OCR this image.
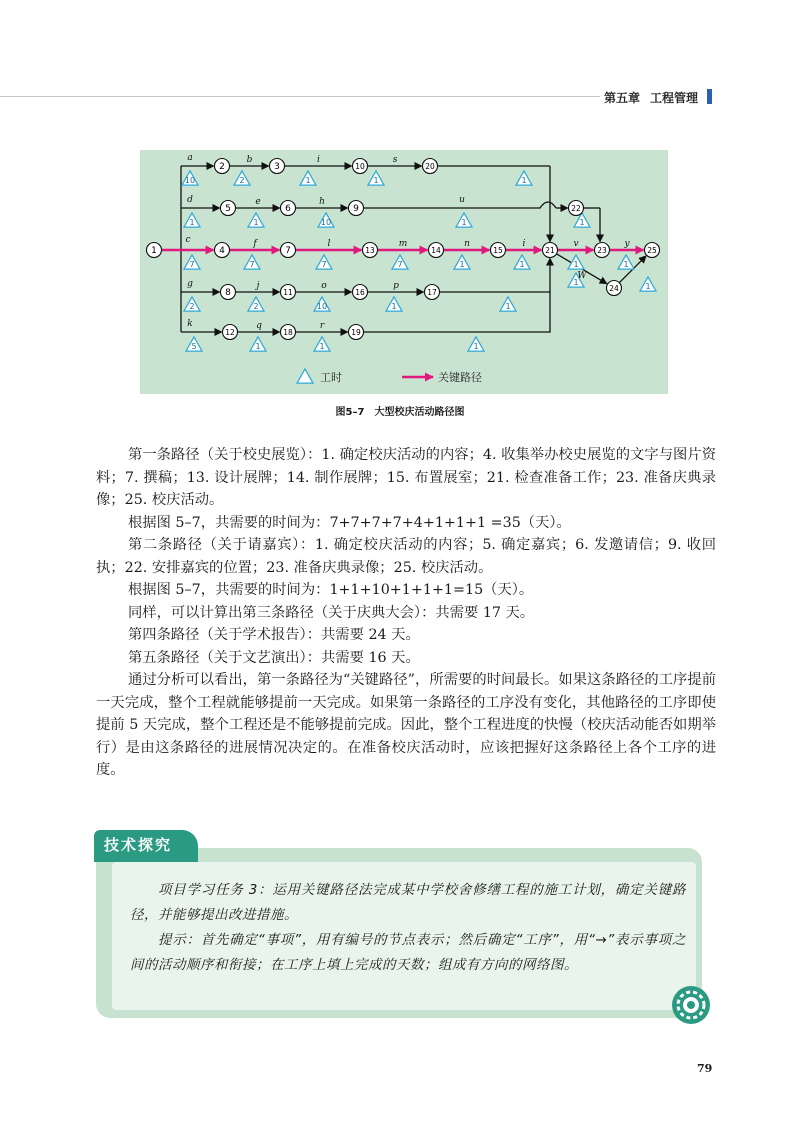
第五章 工程管理
10	2	1	1	1
1	1	10	1	1
7	7	7	7	1	1	1	1
2	2	10	1	1
5	1	1	1
1	1
b	i	s
e	h
c	f	l	m	n	i	v	y
W
j	o	p
q	r
a
d
g
k
u
1
2	3
4
5	6
7
8
9
10
11
12
13	14	15
16	17
18	19
20
21
22
23
24
25
工时	关键路径
图5–7 大型校庆活动路径图

第一条路径（关于校史展览）：1. 确定校庆活动的内容；4. 收集举办校史展览的文字与图片资料；7. 撰稿；13. 设计展牌；14. 制作展牌；15. 布置展室；21. 检查准备工作；23. 准备庆典录像；25. 校庆活动。

根据图 5–7，共需要的时间为：7+7+7+7+4+1+1+1 =35（天）。

第二条路径（关于请嘉宾）：1. 确定校庆活动的内容；5. 确定嘉宾；6. 发邀请信；9. 收回执；22. 安排嘉宾的位置；23. 准备庆典录像；25. 校庆活动。

根据图 5–7，共需要的时间为：1+1+10+1+1+1=15（天）。

同样，可以计算出第三条路径（关于庆典大会）：共需要 17 天。

第四条路径（关于学术报告）：共需要 24 天。

第五条路径（关于文艺演出）：共需要 16 天。

通过分析可以看出，第一条路径为“关键路径”，所需要的时间最长。如果这条路径的工序提前一天完成，整个工程就能够提前一天完成。如果第一条路径的工序没有变化，其他路径的工序即使提前 5 天完成，整个工程还是不能够提前完成。因此，整个工程进度的快慢（校庆活动能否如期举行）是由这条路径的进展情况决定的。在准备校庆活动时，应该把握好这条路径上各个工序的进度。

技术探究

项目学习任务 3：运用关键路径法完成某中学校舍修缮工程的施工计划，确定关键路径，并能够提出改进措施。

提示：首先确定“事项”，用有编号的节点表示；然后确定“工序”，用“→”表示事项之间的活动顺序和衔接；在工序上填上完成的天数；组成有方向的网络图。

79
